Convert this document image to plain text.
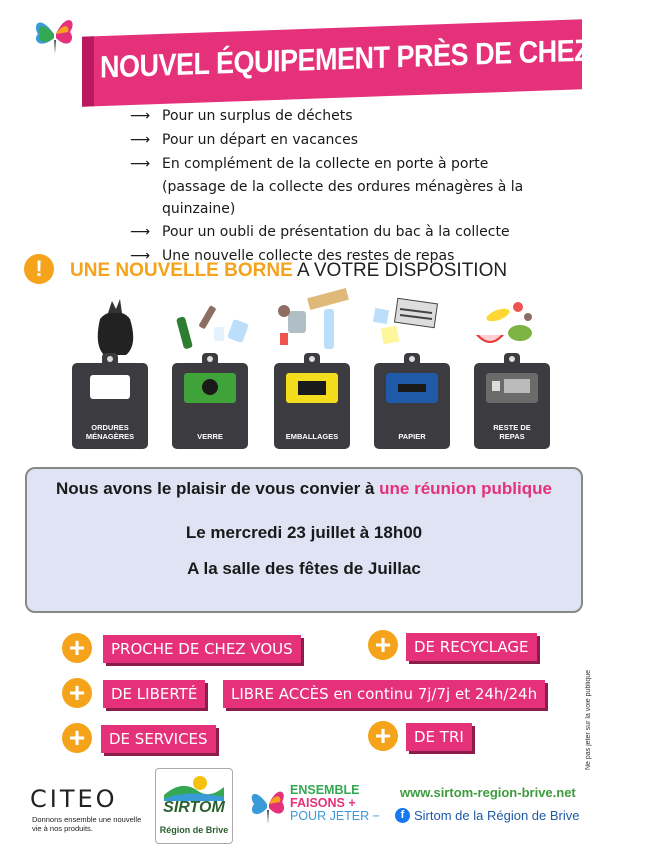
NOUVEL ÉQUIPEMENT PRÈS DE CHEZ VOUS
⟶ Pour un surplus de déchets
⟶ Pour un départ en vacances
⟶ En complément de la collecte en porte à porte
(passage de la collecte des ordures ménagères à la quinzaine)
⟶ Pour un oubli de présentation du bac à la collecte
⟶ Une nouvelle collecte des restes de repas
!	UNE NOUVELLE BORNE A VOTRE DISPOSITION
ORDURES
MÉNAGÈRES	VERRE	EMBALLAGES	PAPIER

RESTE DE
REPAS
Nous avons le plaisir de vous convier à une réunion publique
Le mercredi 23 juillet à 18h00
A la salle des fêtes de Juillac
+	PROCHE DE CHEZ VOUS	+	DE RECYCLAGE
+	DE LIBERTÉ	LIBRE ACCÈS en continu 7j/7j et 24h/24h
+	DE SERVICES	+	DE TRI	Ne pas jeter sur la voie publique
CITEO
Donnons ensemble une nouvelle vie à nos produits.
SIRTOM
Région de Brive
ENSEMBLE
FAISONS +
POUR JETER −
www.sirtom-region-brive.net
f Sirtom de la Région de Brive
